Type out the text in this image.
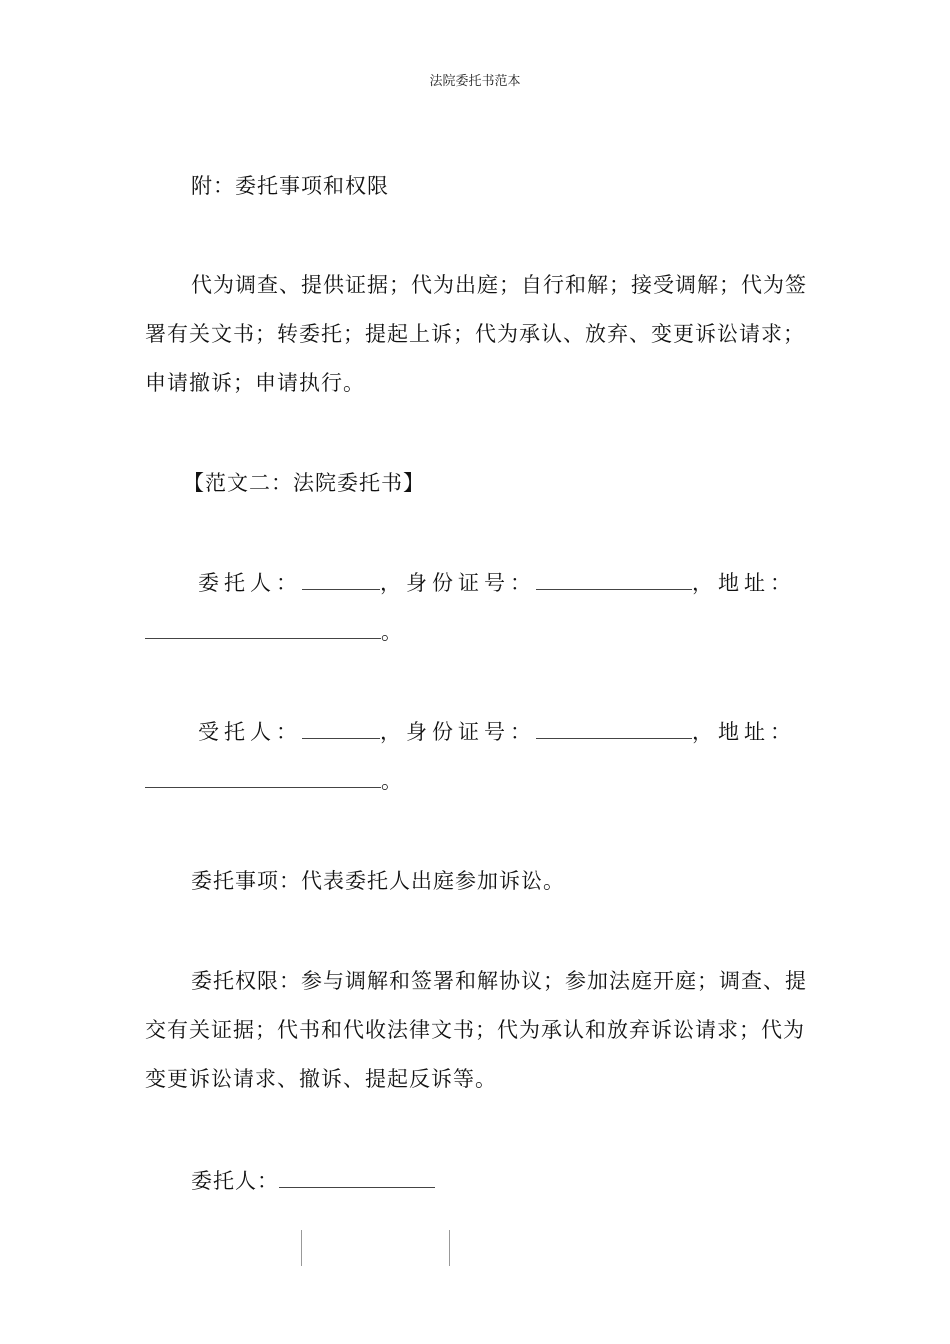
法院委托书范本

附：委托事项和权限

代为调查、提供证据；代为出庭；自行和解；接受调解；代为签署有关文书；转委托；提起上诉；代为承认、放弃、变更诉讼请求；申请撤诉；申请执行。

【范文二：法院委托书】

委托人：	，身份证号：	，地址：
。
受托人：	，身份证号：	，地址：
。

委托事项：代表委托人出庭参加诉讼。

委托权限：参与调解和签署和解协议；参加法庭开庭；调查、提交有关证据；代书和代收法律文书；代为承认和放弃诉讼请求；代为变更诉讼请求、撤诉、提起反诉等。

委托人：
